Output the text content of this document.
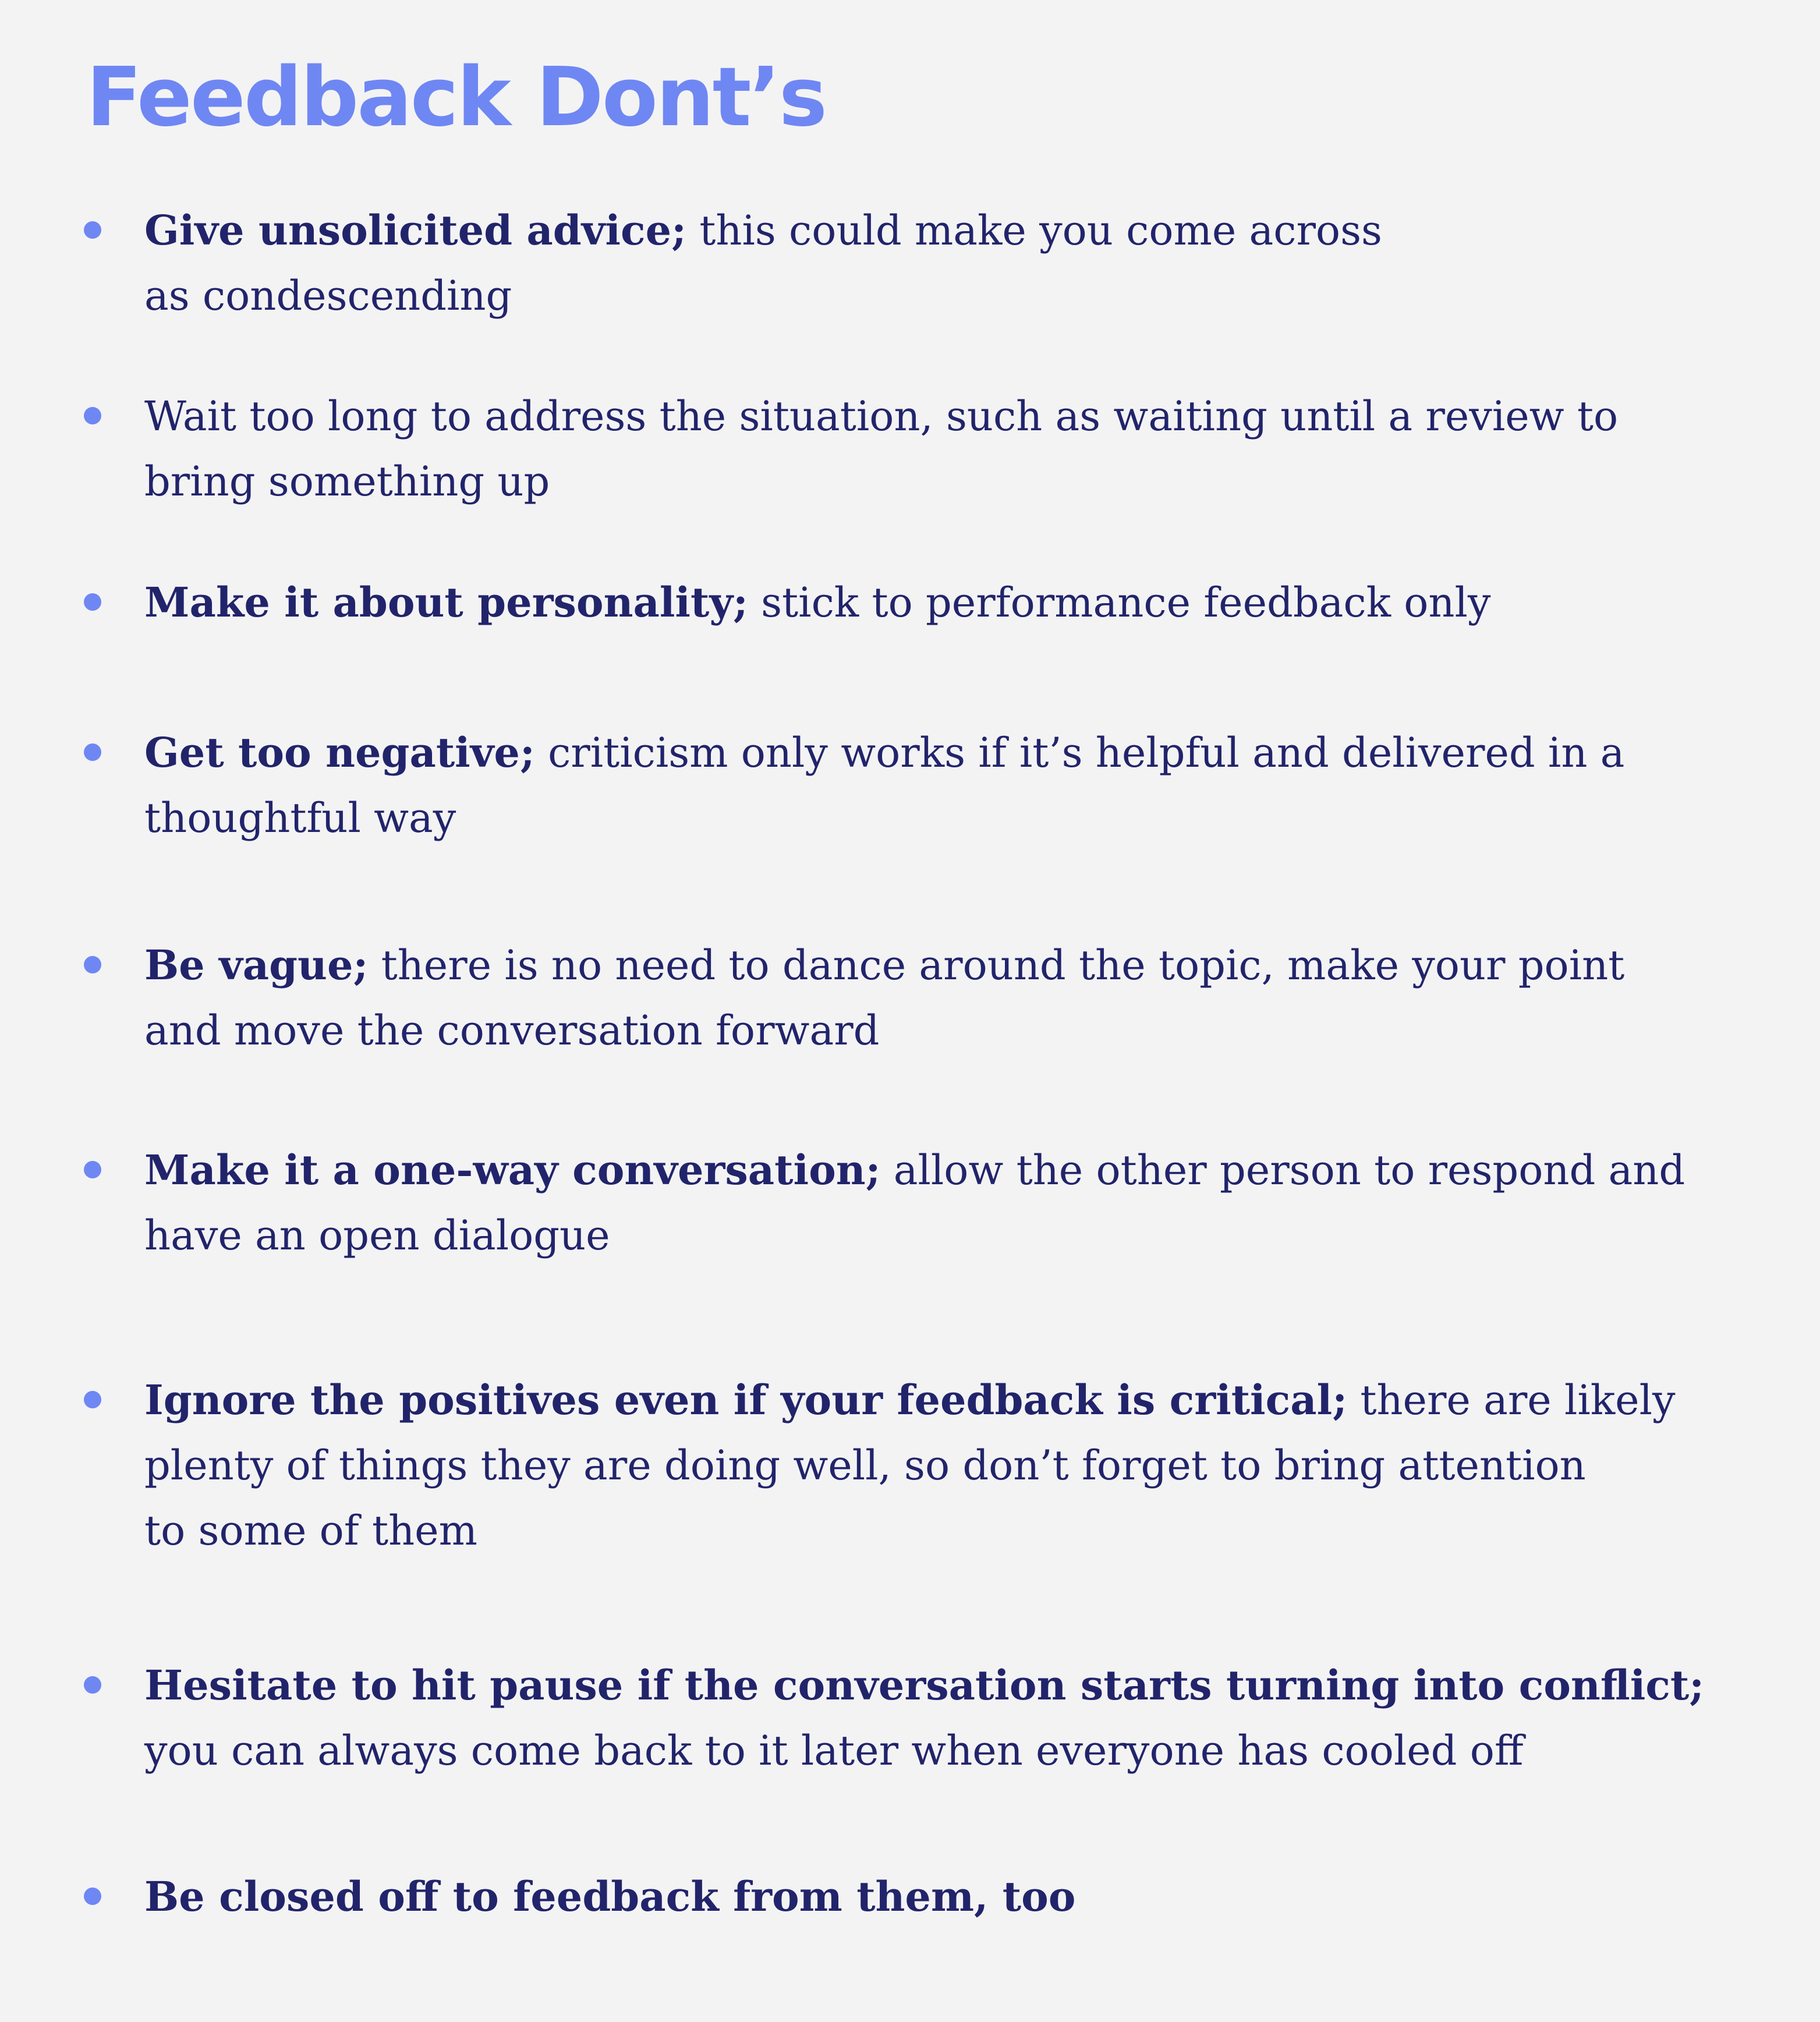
Feedback Dont’s
Give unsolicited advice; this could make you come across
as condescending
Wait too long to address the situation, such as waiting until a review to
bring something up
Make it about personality; stick to performance feedback only
Get too negative; criticism only works if it’s helpful and delivered in a
thoughtful way
Be vague; there is no need to dance around the topic, make your point
and move the conversation forward
Make it a one-way conversation; allow the other person to respond and
have an open dialogue
Ignore the positives even if your feedback is critical; there are likely
plenty of things they are doing well, so don’t forget to bring attention
to some of them
Hesitate to hit pause if the conversation starts turning into conflict;
you can always come back to it later when everyone has cooled off
Be closed off to feedback from them, too
